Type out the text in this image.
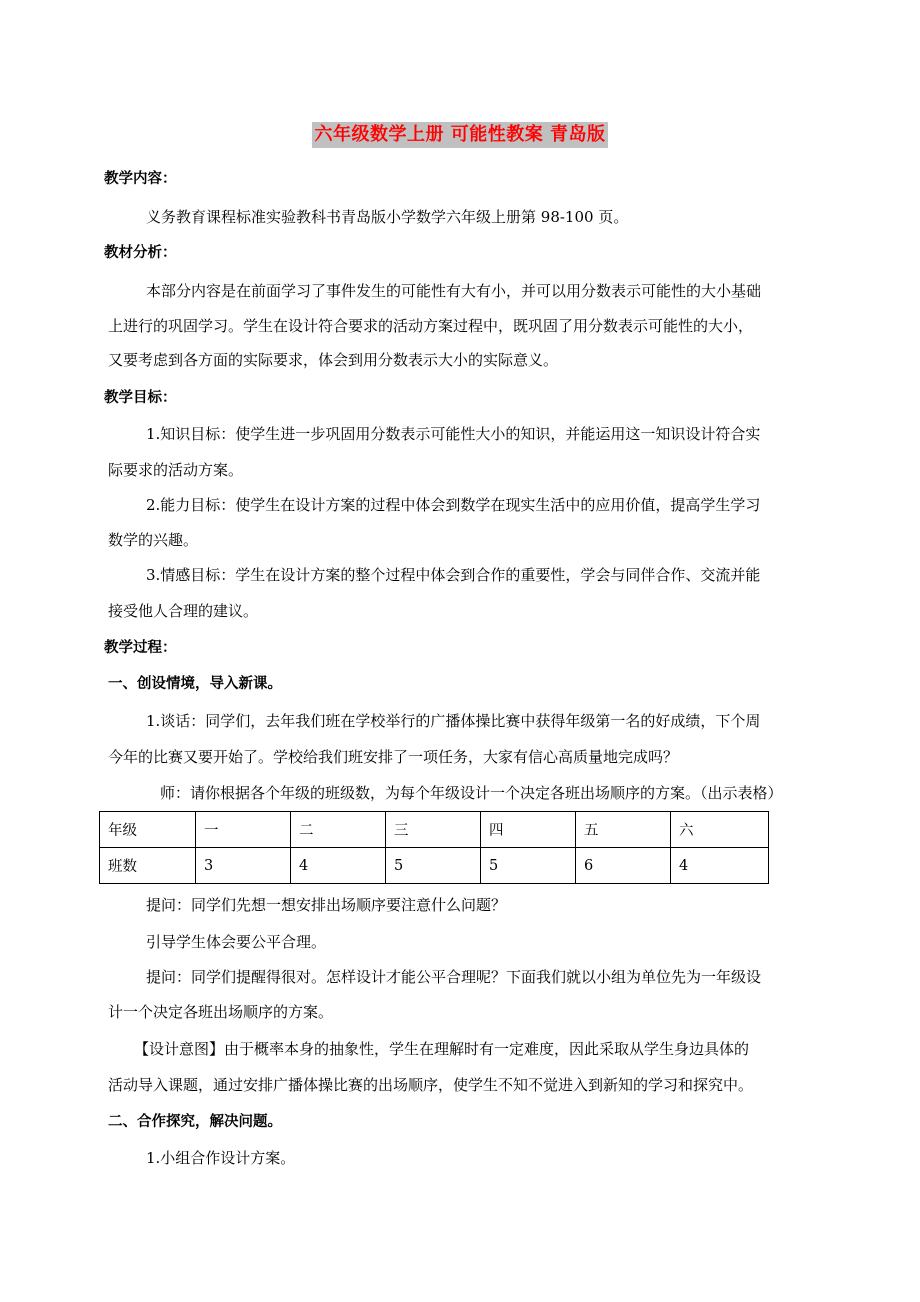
六年级数学上册 可能性教案 青岛版
教学内容：
义务教育课程标准实验教科书青岛版小学数学六年级上册第 98-100 页。
教材分析：
本部分内容是在前面学习了事件发生的可能性有大有小，并可以用分数表示可能性的大小基础
上进行的巩固学习。学生在设计符合要求的活动方案过程中，既巩固了用分数表示可能性的大小，
又要考虑到各方面的实际要求，体会到用分数表示大小的实际意义。
教学目标：
1.知识目标：使学生进一步巩固用分数表示可能性大小的知识，并能运用这一知识设计符合实
际要求的活动方案。
2.能力目标：使学生在设计方案的过程中体会到数学在现实生活中的应用价值，提高学生学习
数学的兴趣。
3.情感目标：学生在设计方案的整个过程中体会到合作的重要性，学会与同伴合作、交流并能
接受他人合理的建议。
教学过程：
一、创设情境，导入新课。
1.谈话：同学们，去年我们班在学校举行的广播体操比赛中获得年级第一名的好成绩，下个周
今年的比赛又要开始了。学校给我们班安排了一项任务，大家有信心高质量地完成吗？
师：请你根据各个年级的班级数，为每个年级设计一个决定各班出场顺序的方案。（出示表格）
年级	一	二	三	四	五	六
班数	3	4	5	5	6	4
提问：同学们先想一想安排出场顺序要注意什么问题？
引导学生体会要公平合理。
提问：同学们提醒得很对。怎样设计才能公平合理呢？下面我们就以小组为单位先为一年级设
计一个决定各班出场顺序的方案。
【设计意图】由于概率本身的抽象性，学生在理解时有一定难度，因此采取从学生身边具体的
活动导入课题，通过安排广播体操比赛的出场顺序，使学生不知不觉进入到新知的学习和探究中。
二、合作探究，解决问题。
1.小组合作设计方案。
